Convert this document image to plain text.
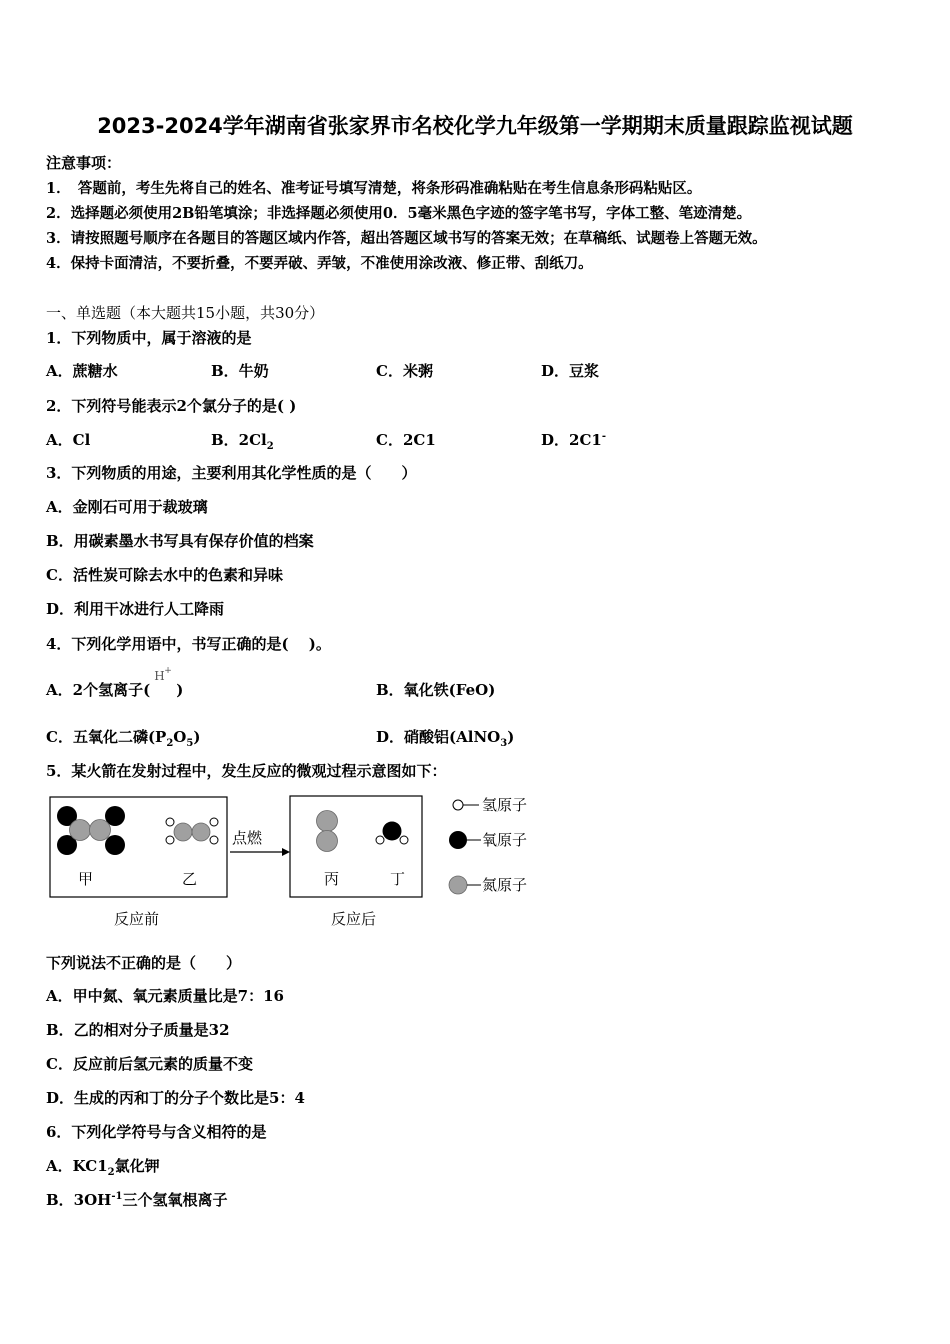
2023-2024学年湖南省张家界市名校化学九年级第一学期期末质量跟踪监视试题
注意事项：
1．　答题前，考生先将自己的姓名、准考证号填写清楚，将条形码准确粘贴在考生信息条形码粘贴区。
2．选择题必须使用2B铅笔填涂；非选择题必须使用0．5毫米黑色字迹的签字笔书写，字体工整、笔迹清楚。
3．请按照题号顺序在各题目的答题区域内作答，超出答题区域书写的答案无效；在草稿纸、试题卷上答题无效。
4．保持卡面清洁，不要折叠，不要弄破、弄皱，不准使用涂改液、修正带、刮纸刀。
一、单选题（本大题共15小题，共30分）
1．下列物质中，属于溶液的是
A．蔗糖水	B．牛奶	C．米粥	D．豆浆
2．下列符号能表示2个氯分子的是( )
A．Cl	B．$2Cl_2$	C．2C1	D．2C1-
3．下列物质的用途，主要利用其化学性质的是（　　）
A．金刚石可用于裁玻璃
B．用碳素墨水书写具有保存价值的档案
C．活性炭可除去水中的色素和异味
D．利用干冰进行人工降雨
4．下列化学用语中，书写正确的是(　 )。
A．2个氢离子(
H +
)	B．氧化铁(FeO)
C．五氧化二磷$(P_2O_5)$	D．硝酸铝(AlNO$_3$)
5．某火箭在发射过程中，发生反应的微观过程示意图如下：
甲	乙
反应前
点燃
丙	丁
反应后
氢原子
氧原子
氮原子
下列说法不正确的是（　　）
A．甲中氮、氧元素质量比是7：16
B．乙的相对分子质量是32
C．反应前后氢元素的质量不变
D．生成的丙和丁的分子个数比是5：4
6．下列化学符号与含义相符的是
A．$KC1_2$氯化钾
B．$3OH^{-1}$三个氢氧根离子
